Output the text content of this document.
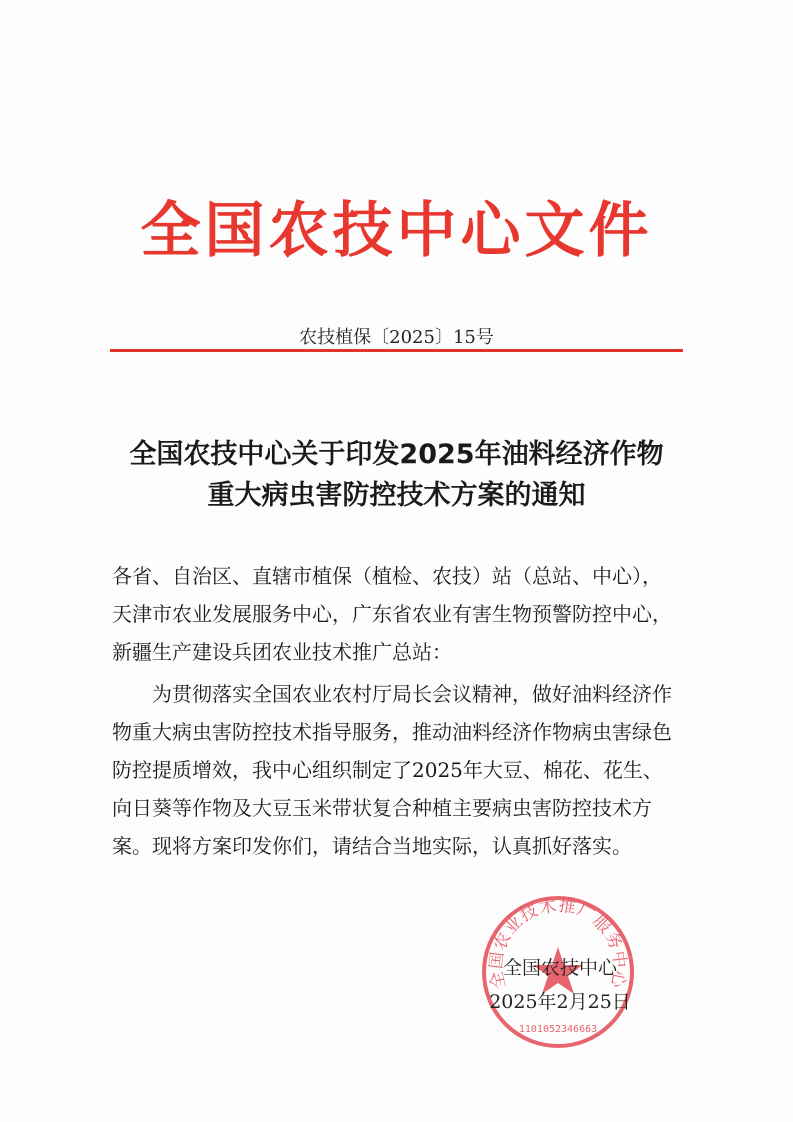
全国农技中心文件
农技植保〔2025〕15号
全国农技中心关于印发2025年油料经济作物
重大病虫害防控技术方案的通知
各省、自治区、直辖市植保（植检、农技）站（总站、中心），
天津市农业发展服务中心，广东省农业有害生物预警防控中心，
新疆生产建设兵团农业技术推广总站：
　　为贯彻落实全国农业农村厅局长会议精神，做好油料经济作
物重大病虫害防控技术指导服务，推动油料经济作物病虫害绿色
防控提质增效，我中心组织制定了2025年大豆、棉花、花生、
向日葵等作物及大豆玉米带状复合种植主要病虫害防控技术方
案。现将方案印发你们，请结合当地实际，认真抓好落实。
全国农业技术推广服务中心
1101052346663
全国农技中心
2025年2月25日
